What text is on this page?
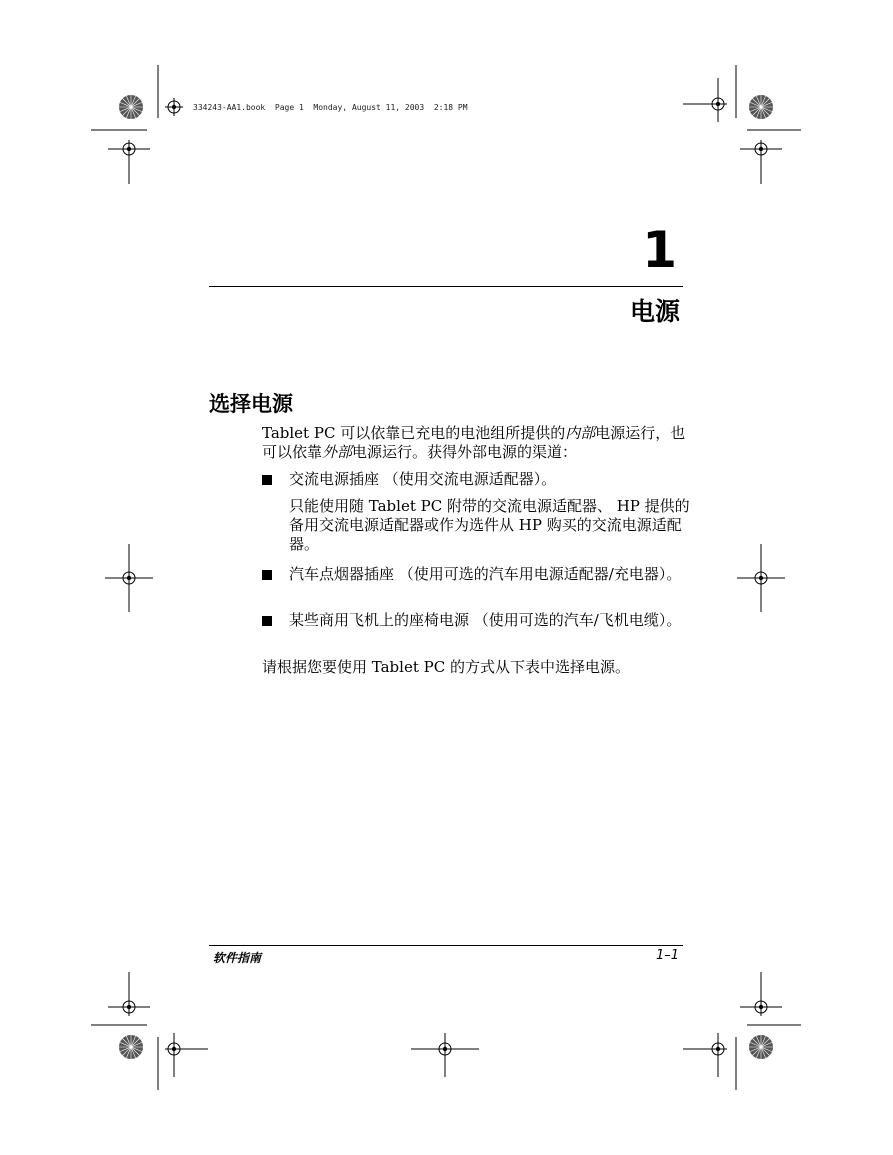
334243-AA1.book  Page 1  Monday, August 11, 2003  2:18 PM
1
电源
选择电源
Tablet PC 可以依靠已充电的电池组所提供的内部电源运行，也可以依靠外部电源运行。获得外部电源的渠道：
交流电源插座 （使用交流电源适配器）。
只能使用随 Tablet PC 附带的交流电源适配器、 HP 提供的备用交流电源适配器或作为选件从 HP 购买的交流电源适配器。
汽车点烟器插座 （使用可选的汽车用电源适配器/充电器）。
某些商用飞机上的座椅电源 （使用可选的汽车/飞机电缆）。
请根据您要使用 Tablet PC 的方式从下表中选择电源。
软件指南	1–1
